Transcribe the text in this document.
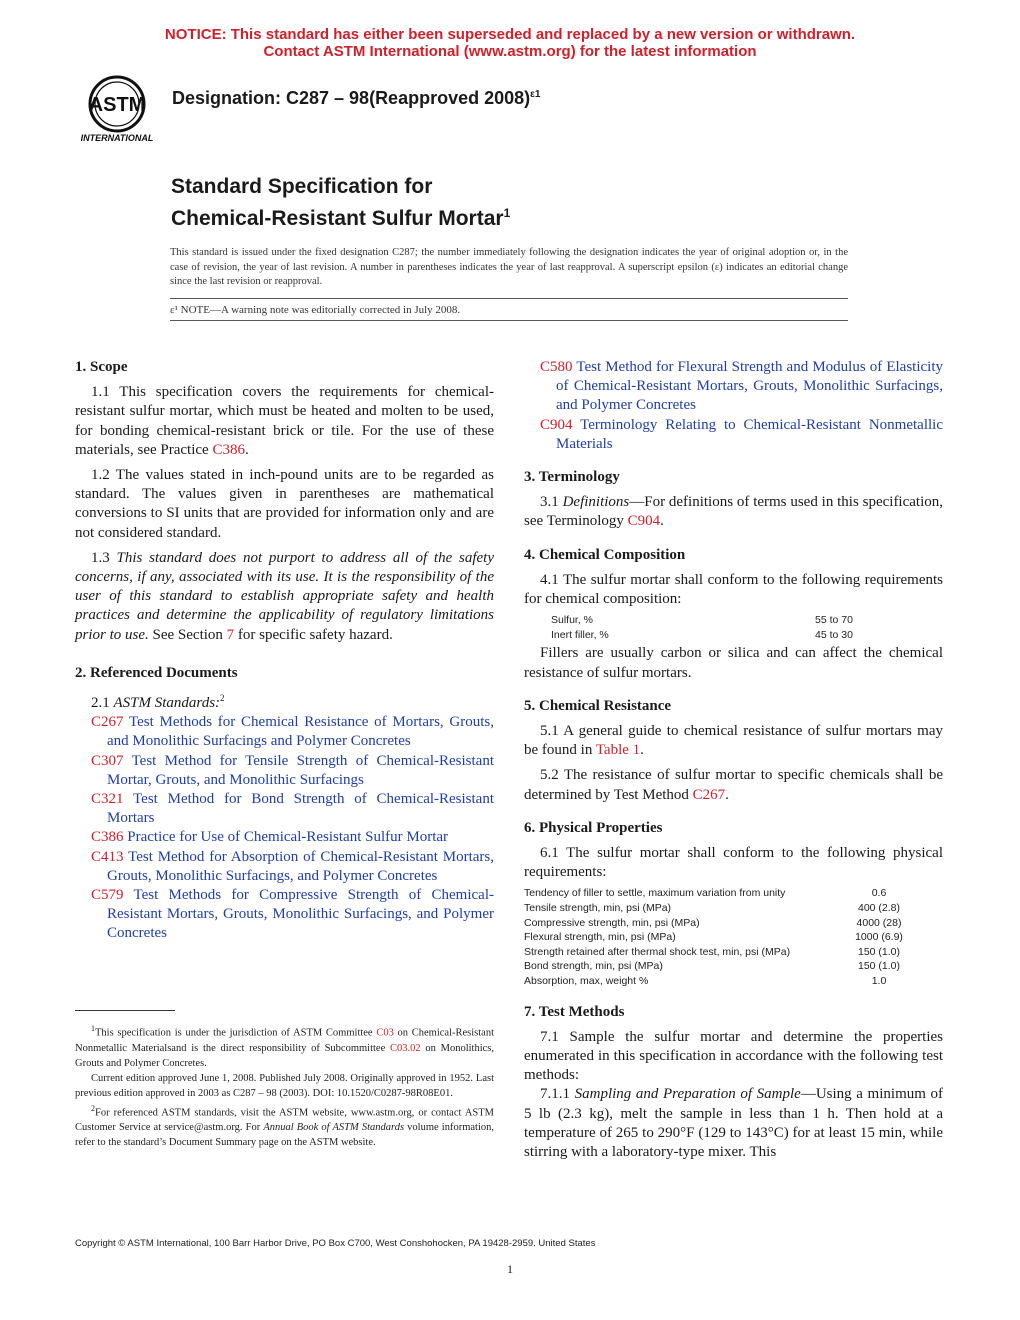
NOTICE: This standard has either been superseded and replaced by a new version or withdrawn.
Contact ASTM International (www.astm.org) for the latest information
ASTM
INTERNATIONAL
Designation: C287 – 98(Reapproved 2008)$^{\varepsilon 1}$
Standard Specification for
Chemical-Resistant Sulfur Mortar$^1$
This standard is issued under the fixed designation C287; the number immediately following the designation indicates the year of original adoption or, in the case of revision, the year of last revision. A number in parentheses indicates the year of last reapproval. A superscript epsilon (ε) indicates an editorial change since the last revision or reapproval.
ε¹ NOTE—A warning note was editorially corrected in July 2008.

1. Scope

1.1 This specification covers the requirements for chemical-resistant sulfur mortar, which must be heated and molten to be used, for bonding chemical-resistant brick or tile. For the use of these materials, see Practice C386.

1.2 The values stated in inch-pound units are to be regarded as standard. The values given in parentheses are mathematical conversions to SI units that are provided for information only and are not considered standard.

1.3 This standard does not purport to address all of the safety concerns, if any, associated with its use. It is the responsibility of the user of this standard to establish appropriate safety and health practices and determine the applicability of regulatory limitations prior to use. See Section 7 for specific safety hazard.

2. Referenced Documents

2.1 ASTM Standards:$^2$

C267 Test Methods for Chemical Resistance of Mortars, Grouts, and Monolithic Surfacings and Polymer Concretes

C307 Test Method for Tensile Strength of Chemical-Resistant Mortar, Grouts, and Monolithic Surfacings

C321 Test Method for Bond Strength of Chemical-Resistant Mortars

C386 Practice for Use of Chemical-Resistant Sulfur Mortar

C413 Test Method for Absorption of Chemical-Resistant Mortars, Grouts, Monolithic Surfacings, and Polymer Concretes

C579 Test Methods for Compressive Strength of Chemical-Resistant Mortars, Grouts, Monolithic Surfacings, and Polymer Concretes

$^1$This specification is under the jurisdiction of ASTM Committee C03 on Chemical-Resistant Nonmetallic Materialsand is the direct responsibility of Subcommittee C03.02 on Monolithics, Grouts and Polymer Concretes.

Current edition approved June 1, 2008. Published July 2008. Originally approved in 1952. Last previous edition approved in 2003 as C287 – 98 (2003). DOI: 10.1520/C0287-98R08E01.

$^2$For referenced ASTM standards, visit the ASTM website, www.astm.org, or contact ASTM Customer Service at service@astm.org. For Annual Book of ASTM Standards volume information, refer to the standard’s Document Summary page on the ASTM website.

C580 Test Method for Flexural Strength and Modulus of Elasticity of Chemical-Resistant Mortars, Grouts, Monolithic Surfacings, and Polymer Concretes

C904 Terminology Relating to Chemical-Resistant Nonmetallic Materials

3. Terminology

3.1 Definitions—For definitions of terms used in this specification, see Terminology C904.

4. Chemical Composition

4.1 The sulfur mortar shall conform to the following requirements for chemical composition:

Sulfur, %	55 to 70
Inert filler, %	45 to 30

Fillers are usually carbon or silica and can affect the chemical resistance of sulfur mortars.

5. Chemical Resistance

5.1 A general guide to chemical resistance of sulfur mortars may be found in Table 1.

5.2 The resistance of sulfur mortar to specific chemicals shall be determined by Test Method C267.

6. Physical Properties

6.1 The sulfur mortar shall conform to the following physical requirements:

Tendency of filler to settle, maximum variation from unity	0.6
Tensile strength, min, psi (MPa)	400 (2.8)
Compressive strength, min, psi (MPa)	4000 (28)
Flexural strength, min, psi (MPa)	1000 (6.9)
Strength retained after thermal shock test, min, psi (MPa)	150 (1.0)
Bond strength, min, psi (MPa)	150 (1.0)
Absorption, max, weight %	1.0

7. Test Methods

7.1 Sample the sulfur mortar and determine the properties enumerated in this specification in accordance with the following test methods:

7.1.1 Sampling and Preparation of Sample—Using a minimum of 5 lb (2.3 kg), melt the sample in less than 1 h. Then hold at a temperature of 265 to 290°F (129 to 143°C) for at least 15 min, while stirring with a laboratory-type mixer. This

Copyright © ASTM International, 100 Barr Harbor Drive, PO Box C700, West Conshohocken, PA 19428-2959. United States
1
